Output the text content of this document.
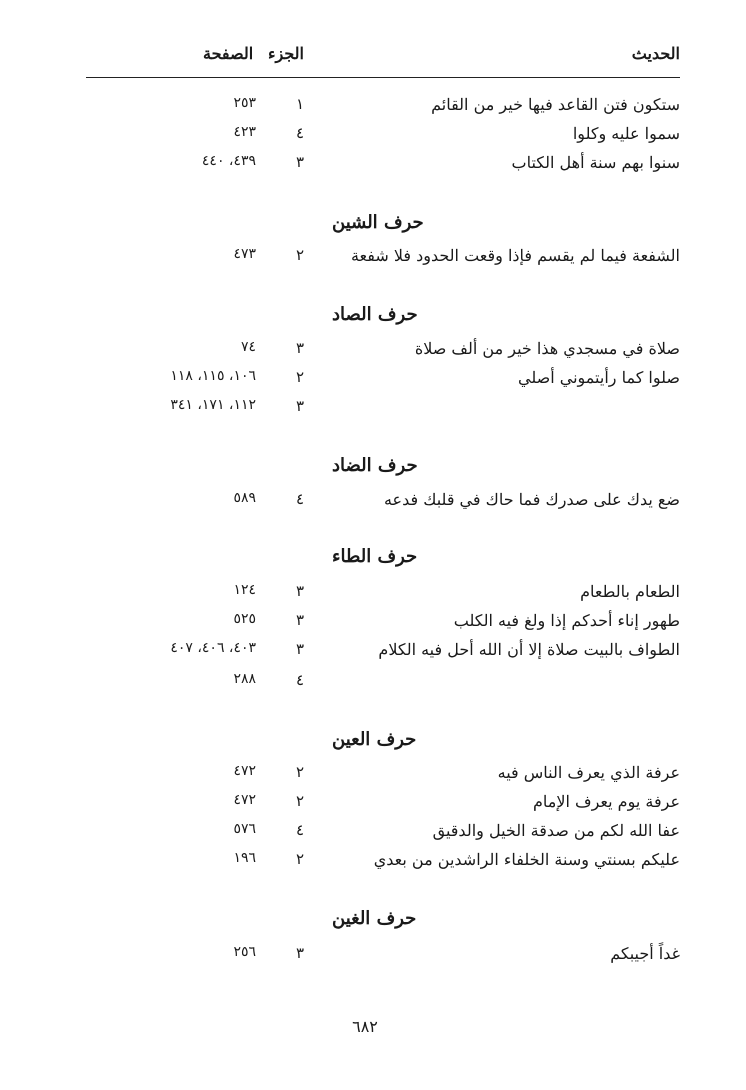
الحديث
الجزء
الصفحة
ستكون فتن القاعد فيها خير من القائم
١
٢٥٣
سموا عليه وكلوا
٤
٤٢٣
سنوا بهم سنة أهل الكتاب
٣
٤٣٩، ٤٤٠
حرف الشين
الشفعة فيما لم يقسم فإذا وقعت الحدود فلا شفعة
٢
٤٧٣
حرف الصاد
صلاة في مسجدي هذا خير من ألف صلاة
٣
٧٤
صلوا كما رأيتموني أصلي
٢
١٠٦، ١١٥، ١١٨
٣
١١٢، ١٧١، ٣٤١
حرف الضاد
ضع يدك على صدرك فما حاك في قلبك فدعه
٤
٥٨٩
حرف الطاء
الطعام بالطعام
٣
١٢٤
طهور إناء أحدكم إذا ولغ فيه الكلب
٣
٥٢٥
الطواف بالبيت صلاة إلا أن الله أحل فيه الكلام
٣
٤٠٣، ٤٠٦، ٤٠٧
٤
٢٨٨
حرف العين
عرفة الذي يعرف الناس فيه
٢
٤٧٢
عرفة يوم يعرف الإمام
٢
٤٧٢
عفا الله لكم من صدقة الخيل والدقيق
٤
٥٧٦
عليكم بسنتي وسنة الخلفاء الراشدين من بعدي
٢
١٩٦
حرف الغين
غداً أجيبكم
٣
٢٥٦
٦٨٢
